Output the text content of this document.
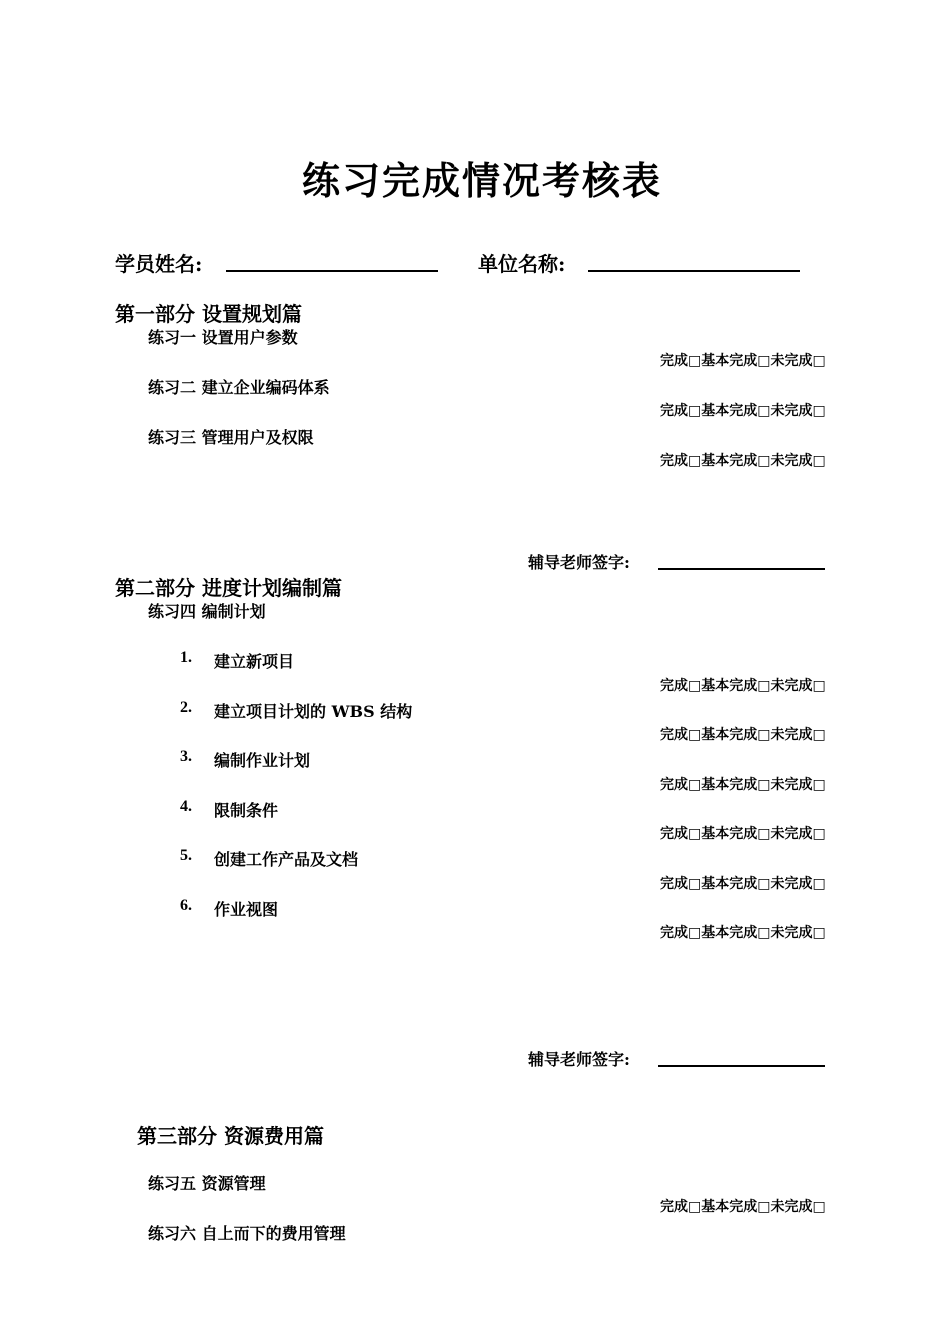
练习完成情况考核表
学员姓名:	单位名称:
第一部分 设置规划篇
练习一 设置用户参数
完成□基本完成□未完成□
练习二 建立企业编码体系
完成□基本完成□未完成□
练习三 管理用户及权限
完成□基本完成□未完成□
辅导老师签字:
第二部分 进度计划编制篇
练习四 编制计划
1. 建立新项目
完成□基本完成□未完成□
2. 建立项目计划的 WBS 结构
完成□基本完成□未完成□
3. 编制作业计划
完成□基本完成□未完成□
4. 限制条件
完成□基本完成□未完成□
5. 创建工作产品及文档
完成□基本完成□未完成□
6. 作业视图
完成□基本完成□未完成□
辅导老师签字:
第三部分 资源费用篇
练习五 资源管理
完成□基本完成□未完成□
练习六 自上而下的费用管理
